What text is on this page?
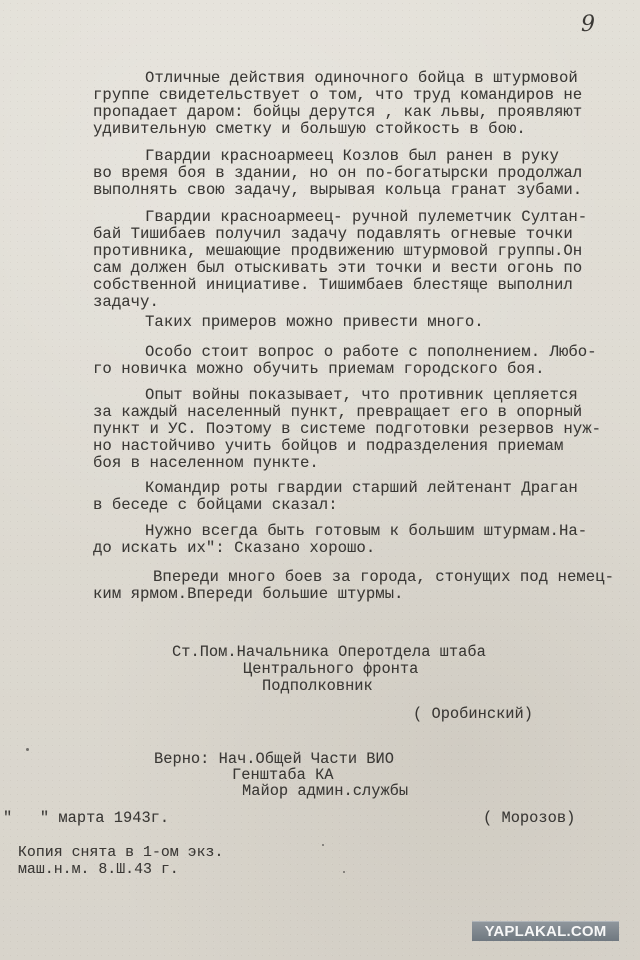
9
Отличные действия одиночного бойца в штурмовой
группе свидетельствует о том, что труд командиров не
пропадает даром: бойцы дерутся , как львы, проявляют
удивительную сметку и большую стойкость в бою.
Гвардии красноармеец Козлов был ранен в руку
во время боя в здании, но он по-богатырски продолжал
выполнять свою задачу, вырывая кольца гранат зубами.
Гвардии красноармеец- ручной пулеметчик Султан-
бай Тишибаев получил задачу подавлять огневые точки
противника, мешающие продвижению штурмовой группы.Он
сам должен был отыскивать эти точки и вести огонь по
собственной инициативе. Тишимбаев блестяще выполнил
задачу.
Таких примеров можно привести много.
Особо стоит вопрос о работе с пополнением. Любо-
го новичка можно обучить приемам городского боя.
Опыт войны показывает, что противник цепляется
за каждый населенный пункт, превращает его в опорный
пункт и УС. Поэтому в системе подготовки резервов нуж-
но настойчиво учить бойцов и подразделения приемам
боя в населенном пункте.
Командир роты гвардии старший лейтенант Драган
в беседе с бойцами сказал:
Нужно всегда быть готовым к большим штурмам.На-
до искать их": Сказано хорошо.
Впереди много боев за города, стонущих под немец-
ким ярмом.Впереди большие штурмы.
Ст.Пом.Начальника Оперотдела штаба
Центрального фронта
Подполковник
( Оробинский)
Верно: Нач.Общей Части ВИО
Генштаба КА
Майор админ.службы
"   " марта 1943г.	( Морозов)
Копия снята в 1-ом экз.
маш.н.м. 8.Ш.43 г.
YAPLAKAL.COM
